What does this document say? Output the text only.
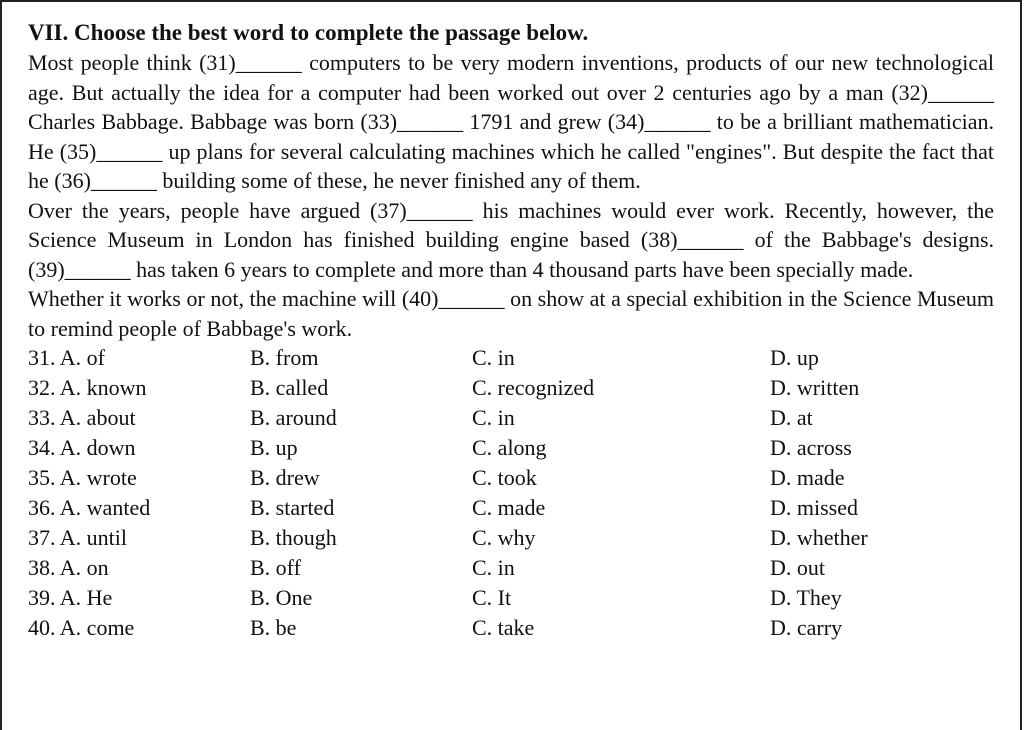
VII. Choose the best word to complete the passage below.

Most people think (31)______ computers to be very modern inventions, products of our new technological age. But actually the idea for a computer had been worked out over 2 centuries ago by a man (32)______ Charles Babbage. Babbage was born (33)______ 1791 and grew (34)______ to be a brilliant mathematician. He (35)______ up plans for several calculating machines which he called "engines". But despite the fact that he (36)______ building some of these, he never finished any of them.

Over the years, people have argued (37)______ his machines would ever work. Recently, however, the Science Museum in London has finished building engine based (38)______ of the Babbage's designs. (39)______ has taken 6 years to complete and more than 4 thousand parts have been specially made.

Whether it works or not, the machine will (40)______ on show at a special exhibition in the Science Museum to remind people of Babbage's work.

31. A. of	B. from	C. in	D. up
32. A. known	B. called	C. recognized	D. written
33. A. about	B. around	C. in	D. at
34. A. down	B. up	C. along	D. across
35. A. wrote	B. drew	C. took	D. made
36. A. wanted	B. started	C. made	D. missed
37. A. until	B. though	C. why	D. whether
38. A. on	B. off	C. in	D. out
39. A. He	B. One	C. It	D. They
40. A. come	B. be	C. take	D. carry
